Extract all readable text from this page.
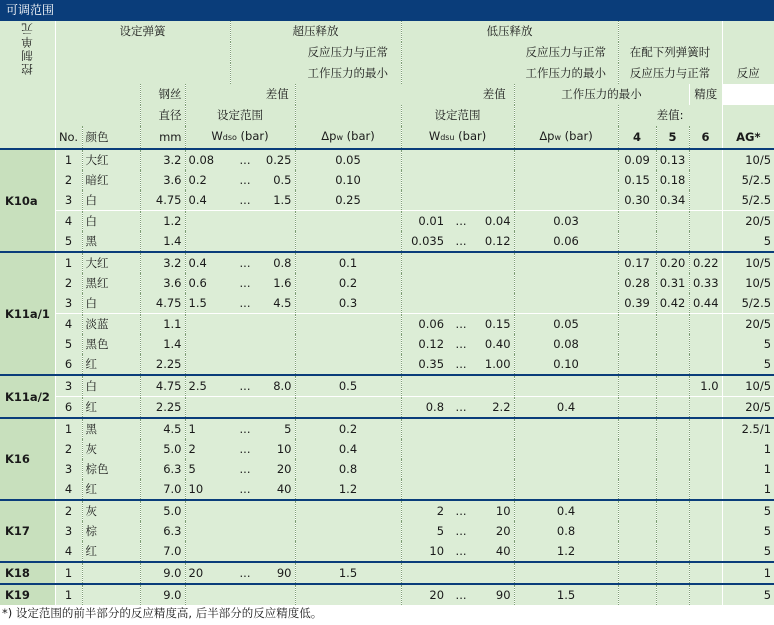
可调范围
控制单元	设定弹簧				超压释放			低压释放							
							反应压力与正常				反应压力与正常	在配下列弹簧时			
							工作压力的最小				工作压力的最小	反应压力与正常			反应
			钢丝			差值				差值	工作压力的最小			精度	
			直径	设定范围				设定范围				差值:			
	No.	颜色	mm	Wdso (bar)			Δpw (bar)	Wdsu (bar)			Δpw (bar)	4	5	6	AG*
K10a	1	大红	3.2	0.08	...	0.25	0.05					0.09	0.13		10/5
	2	暗红	3.6	0.2	...	0.5	0.10					0.15	0.18		5/2.5
	3	白	4.75	0.4	...	1.5	0.25					0.30	0.34		5/2.5
	4	白	1.2					0.01	...	0.04	0.03				20/5
	5	黑	1.4					0.035	...	0.12	0.06				5
K11a/1	1	大红	3.2	0.4	...	0.8	0.1					0.17	0.20	0.22	10/5
	2	黑红	3.6	0.6	...	1.6	0.2					0.28	0.31	0.33	10/5
	3	白	4.75	1.5	...	4.5	0.3					0.39	0.42	0.44	5/2.5
	4	淡蓝	1.1					0.06	...	0.15	0.05				20/5
	5	黑色	1.4					0.12	...	0.40	0.08				5
	6	红	2.25					0.35	...	1.00	0.10				5
K11a/2	3	白	4.75	2.5	...	8.0	0.5							1.0	10/5
	6	红	2.25					0.8	...	2.2	0.4				20/5
K16	1	黑	4.5	1	...	5	0.2								2.5/1
	2	灰	5.0	2	...	10	0.4								1
	3	棕色	6.3	5	...	20	0.8								1
	4	红	7.0	10	...	40	1.2								1
K17	2	灰	5.0					2	...	10	0.4				5
	3	棕	6.3					5	...	20	0.8				5
	4	红	7.0					10	...	40	1.2				5
K18	1		9.0	20	...	90	1.5								1
K19	1		9.0					20	...	90	1.5				5
*) 设定范围的前半部分的反应精度高, 后半部分的反应精度低。
